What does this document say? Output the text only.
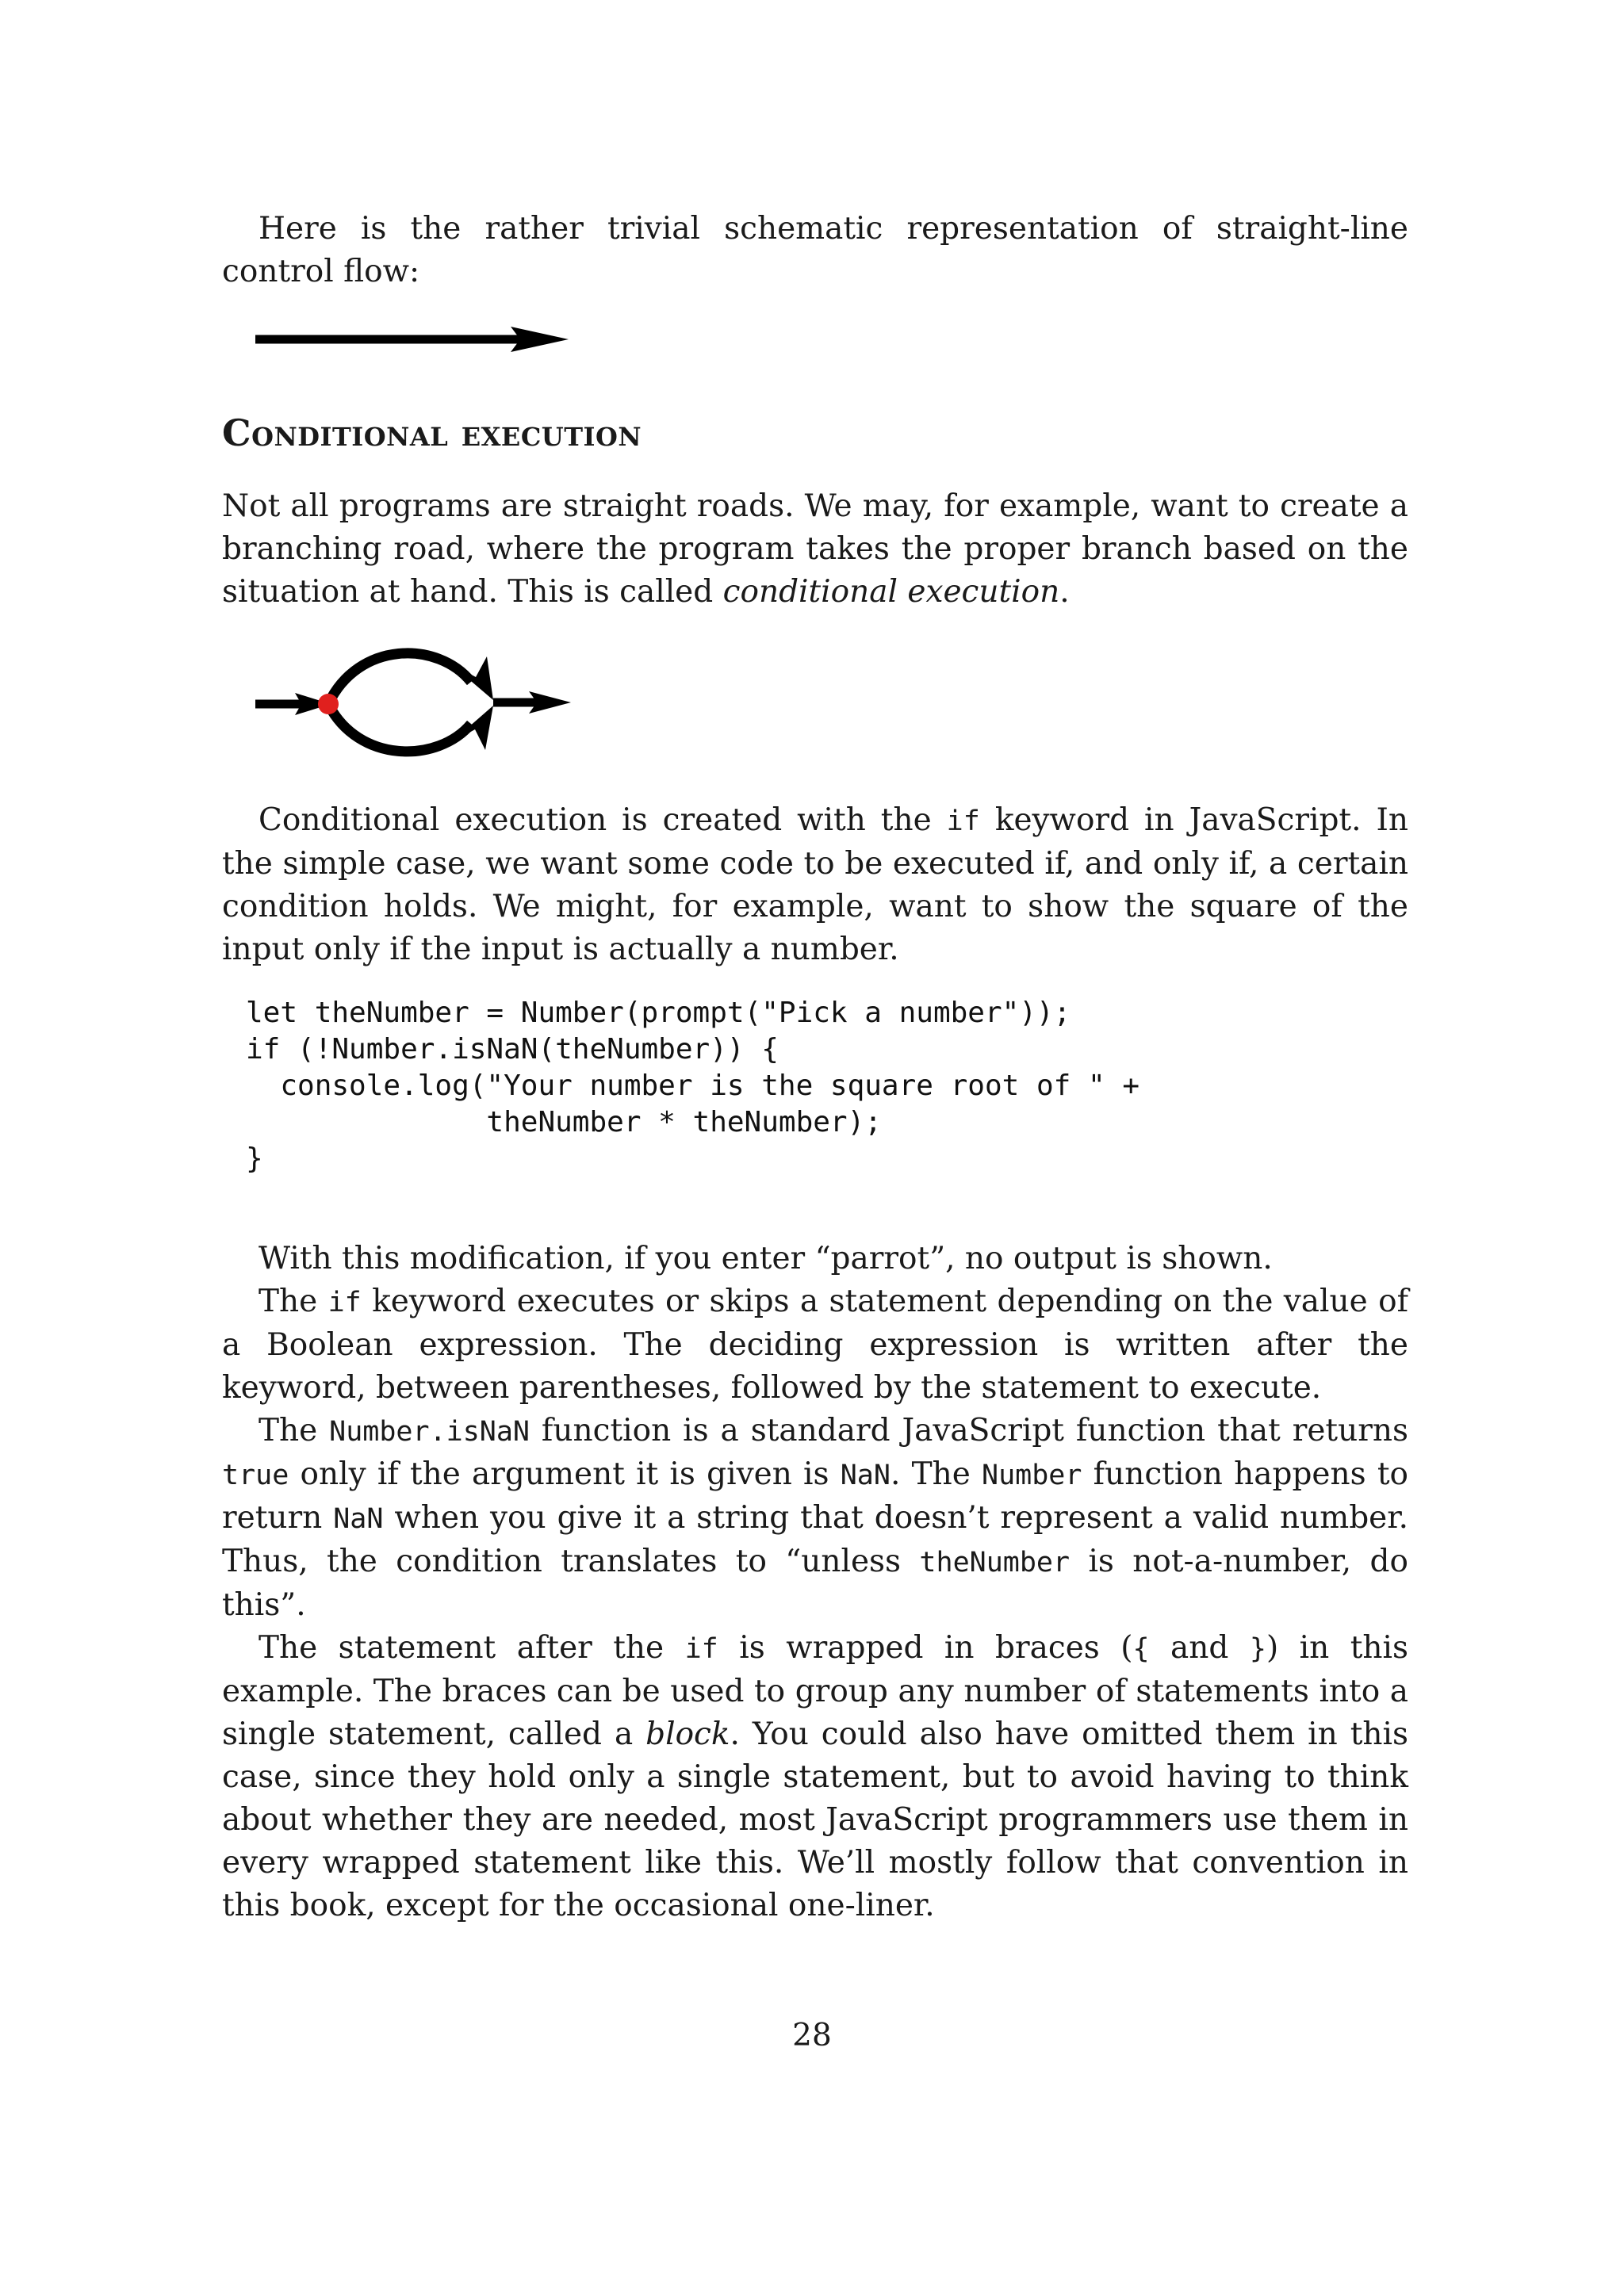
Here is the rather trivial schematic representation of straight-line control flow:

Conditional execution

Not all programs are straight roads. We may, for example, want to create a branching road, where the program takes the proper branch based on the situation at hand. This is called conditional execution.

Conditional execution is created with the if keyword in JavaScript. In the simple case, we want some code to be executed if, and only if, a certain condition holds. We might, for example, want to show the square of the input only if the input is actually a number.

let theNumber = Number(prompt("Pick a number"));
if (!Number.isNaN(theNumber)) {
console.log("Your number is the square root of " +
theNumber * theNumber);
}

With this modification, if you enter “parrot”, no output is shown.

The if keyword executes or skips a statement depending on the value of a Boolean expression. The deciding expression is written after the keyword, between parentheses, followed by the statement to execute.

The Number.isNaN function is a standard JavaScript function that returns true only if the argument it is given is NaN. The Number function happens to return NaN when you give it a string that doesn’t represent a valid number. Thus, the condition translates to “unless theNumber is not-a-number, do this”.

The statement after the if is wrapped in braces ({ and }) in this example. The braces can be used to group any number of statements into a single statement, called a block. You could also have omitted them in this case, since they hold only a single statement, but to avoid having to think about whether they are needed, most JavaScript programmers use them in every wrapped statement like this. We’ll mostly follow that convention in this book, except for the occasional one-liner.

28
